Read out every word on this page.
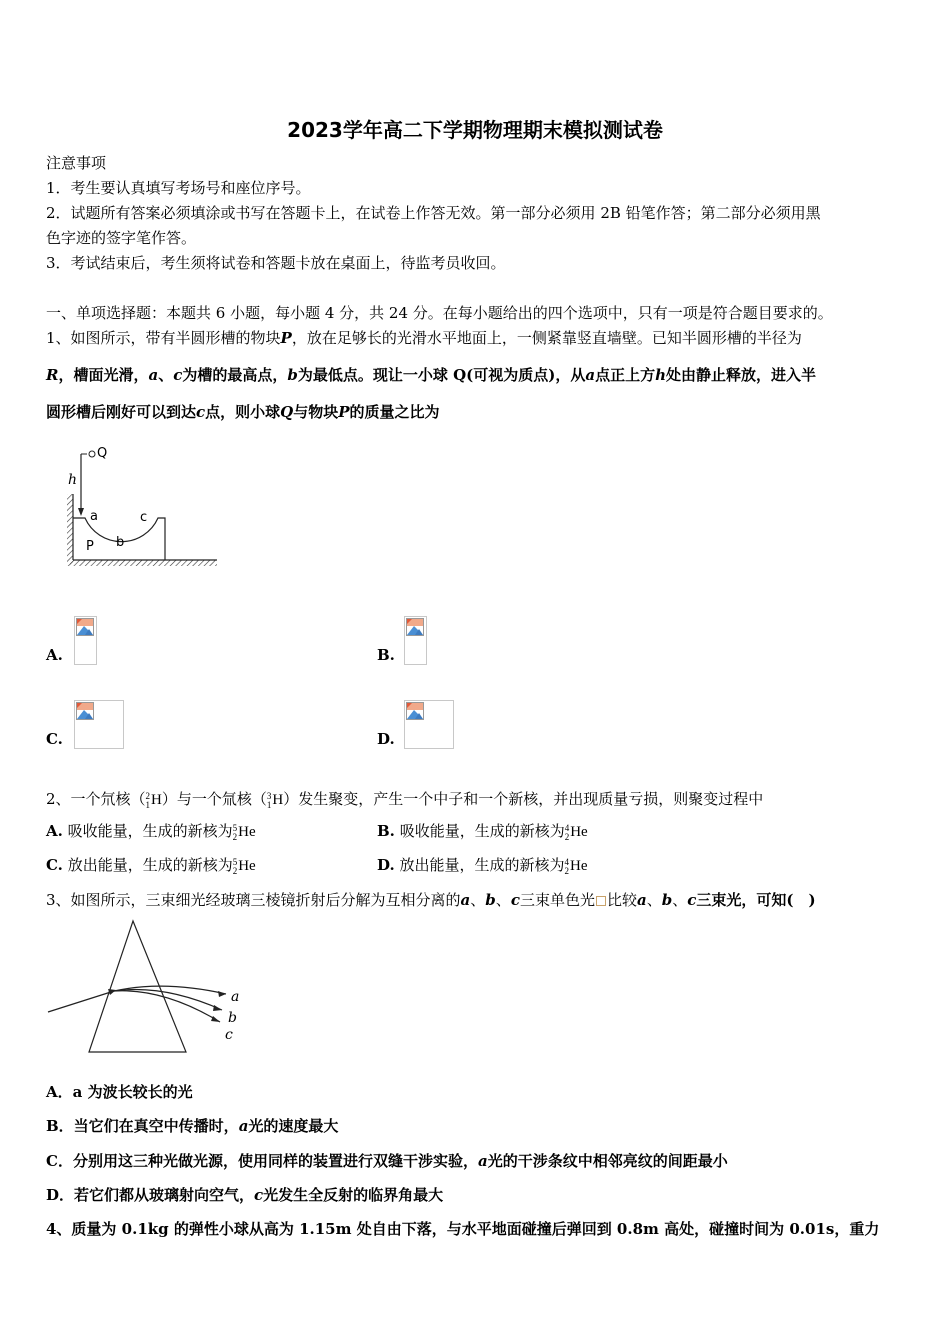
2023学年高二下学期物理期末模拟测试卷
注意事项
1．考生要认真填写考场号和座位序号。
2．试题所有答案必须填涂或书写在答题卡上，在试卷上作答无效。第一部分必须用 2B 铅笔作答；第二部分必须用黑
色字迹的签字笔作答。
3．考试结束后，考生须将试卷和答题卡放在桌面上，待监考员收回。
一、单项选择题：本题共 6 小题，每小题 4 分，共 24 分。在每小题给出的四个选项中，只有一项是符合题目要求的。
1、如图所示，带有半圆形槽的物块P，放在足够长的光滑水平地面上，一侧紧靠竖直墙壁。已知半圆形槽的半径为
R，槽面光滑，a、c为槽的最高点，b为最低点。现让一小球 Q(可视为质点)，从a点正上方h处由静止释放，进入半
圆形槽后刚好可以到达c点，则小球Q与物块P的质量之比为
Q
h
a	c
P b
A.	B.
C.	D.
2、一个氘核（ 2
1 H）与一个氚核（ 3
1 H）发生聚变，产生一个中子和一个新核，并出现质量亏损，则聚变过程中
A. 吸收能量，生成的新核为 5
2 He	B. 吸收能量，生成的新核为 4
2 He
C. 放出能量，生成的新核为 5
2 He	D. 放出能量，生成的新核为 4
2 He
3、如图所示，三束细光经玻璃三棱镜折射后分解为互相分离的a、b、c三束单色光 比较a、b、c三束光，可知(　)
a
b
c
A．a 为波长较长的光
B．当它们在真空中传播时，a光的速度最大
C．分别用这三种光做光源，使用同样的装置进行双缝干涉实验，a光的干涉条纹中相邻亮纹的间距最小
D．若它们都从玻璃射向空气，c光发生全反射的临界角最大
4、质量为 0.1kg 的弹性小球从高为 1.15m 处自由下落，与水平地面碰撞后弹回到 0.8m 高处，碰撞时间为 0.01s，重力
